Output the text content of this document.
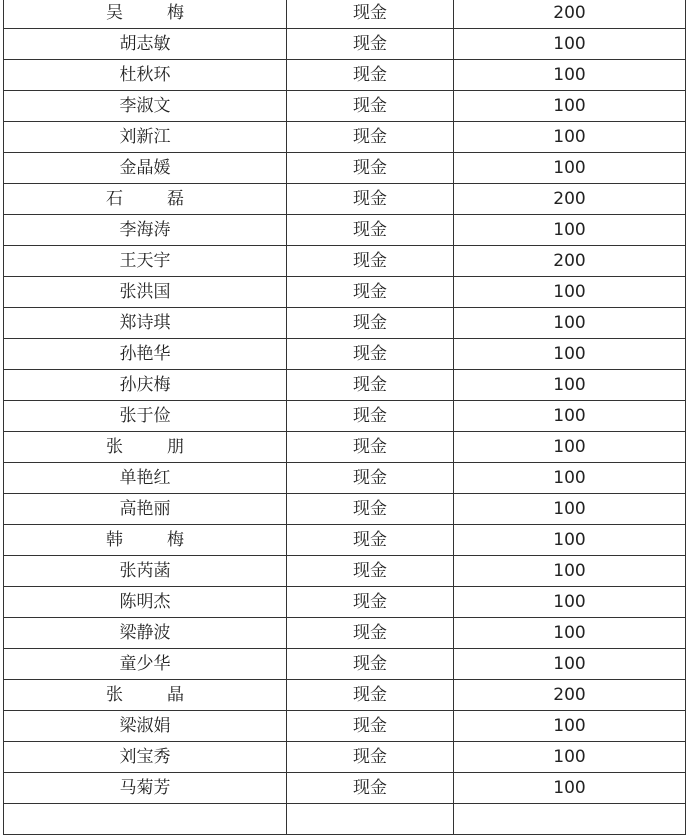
吴 梅	现金	200
胡志敏	现金	100
杜秋环	现金	100
李淑文	现金	100
刘新江	现金	100
金晶媛	现金	100
石 磊	现金	200
李海涛	现金	100
王天宇	现金	200
张洪国	现金	100
郑诗琪	现金	100
孙艳华	现金	100
孙庆梅	现金	100
张于俭	现金	100
张 朋	现金	100
单艳红	现金	100
高艳丽	现金	100
韩 梅	现金	100
张芮菡	现金	100
陈明杰	现金	100
梁静波	现金	100
童少华	现金	100
张 晶	现金	200
梁淑娟	现金	100
刘宝秀	现金	100
马菊芳	现金	100
